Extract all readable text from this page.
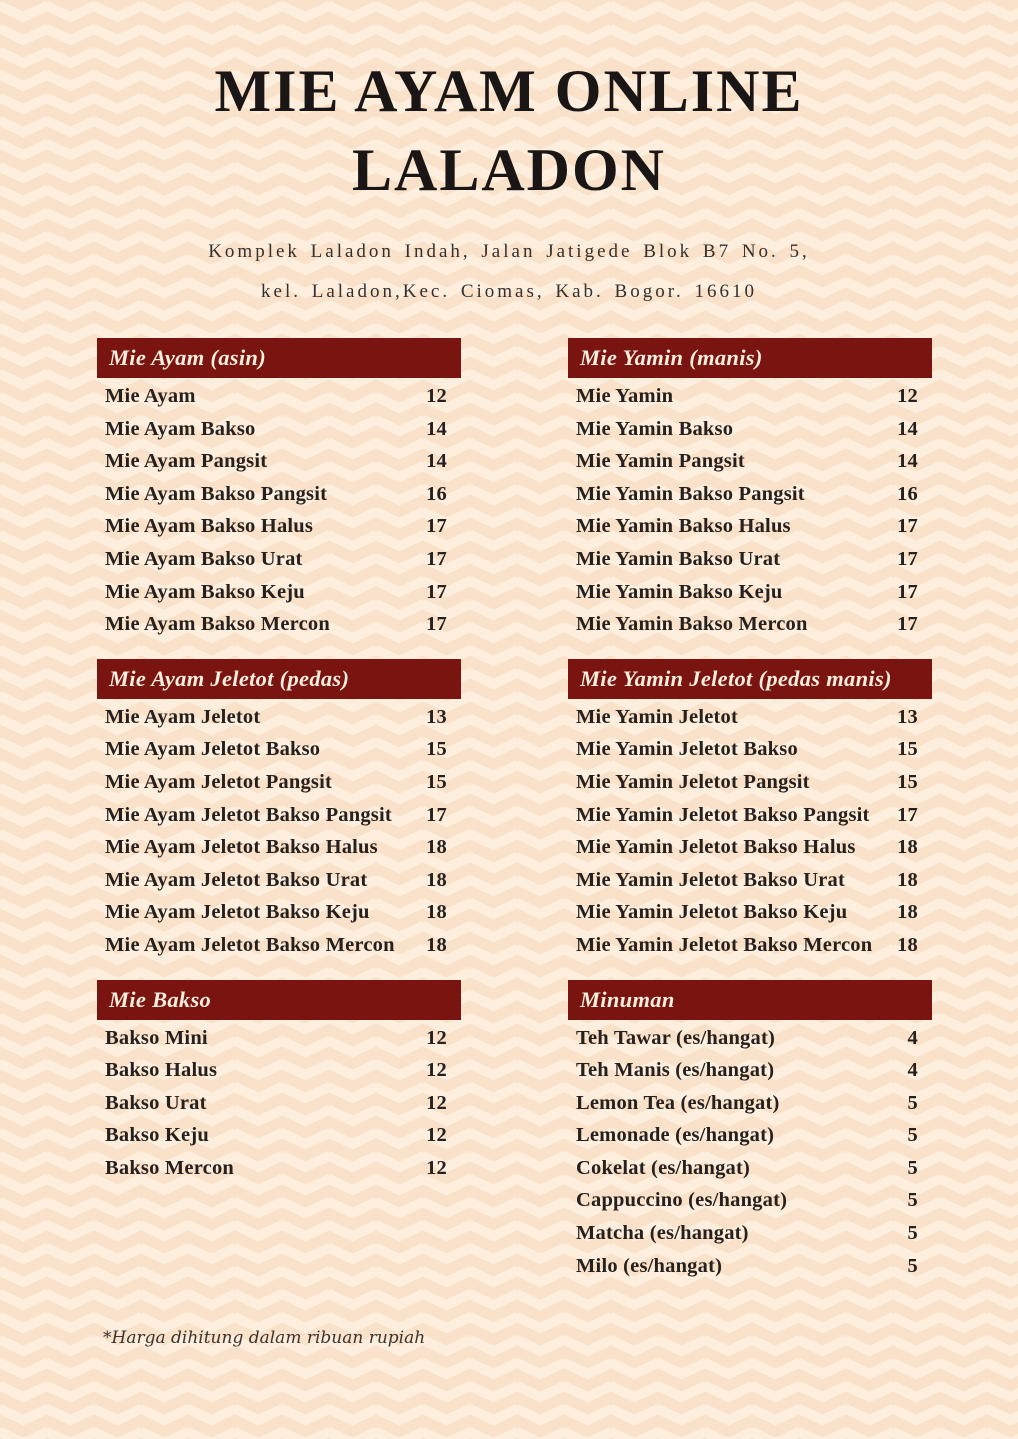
MIE AYAM ONLINE
LALADON
Komplek Laladon Indah, Jalan Jatigede Blok B7 No. 5,
kel. Laladon,Kec. Ciomas, Kab. Bogor. 16610
Mie Ayam (asin)
Mie Ayam	12
Mie Ayam Bakso	14
Mie Ayam Pangsit	14
Mie Ayam Bakso Pangsit	16
Mie Ayam Bakso Halus	17
Mie Ayam Bakso Urat	17
Mie Ayam Bakso Keju	17
Mie Ayam Bakso Mercon	17
Mie Ayam Jeletot (pedas)
Mie Ayam Jeletot	13
Mie Ayam Jeletot Bakso	15
Mie Ayam Jeletot Pangsit	15
Mie Ayam Jeletot Bakso Pangsit 17
Mie Ayam Jeletot Bakso Halus 18
Mie Ayam Jeletot Bakso Urat	18
Mie Ayam Jeletot Bakso Keju	18
Mie Ayam Jeletot Bakso Mercon 18
Mie Bakso
Bakso Mini	12
Bakso Halus	12
Bakso Urat	12
Bakso Keju	12
Bakso Mercon	12
Mie Yamin (manis)
Mie Yamin	12
Mie Yamin Bakso	14
Mie Yamin Pangsit	14
Mie Yamin Bakso Pangsit	16
Mie Yamin Bakso Halus	17
Mie Yamin Bakso Urat	17
Mie Yamin Bakso Keju	17
Mie Yamin Bakso Mercon	17
Mie Yamin Jeletot (pedas manis)
Mie Yamin Jeletot	13
Mie Yamin Jeletot Bakso	15
Mie Yamin Jeletot Pangsit	15
Mie Yamin Jeletot Bakso Pangsit 17
Mie Yamin Jeletot Bakso Halus 18
Mie Yamin Jeletot Bakso Urat	18
Mie Yamin Jeletot Bakso Keju 18
Mie Yamin Jeletot Bakso Mercon 18
Minuman
Teh Tawar (es/hangat)	4
Teh Manis (es/hangat)	4
Lemon Tea (es/hangat)	5
Lemonade (es/hangat)	5
Cokelat (es/hangat)	5
Cappuccino (es/hangat)	5
Matcha (es/hangat)	5
Milo (es/hangat)	5
*Harga dihitung dalam ribuan rupiah
